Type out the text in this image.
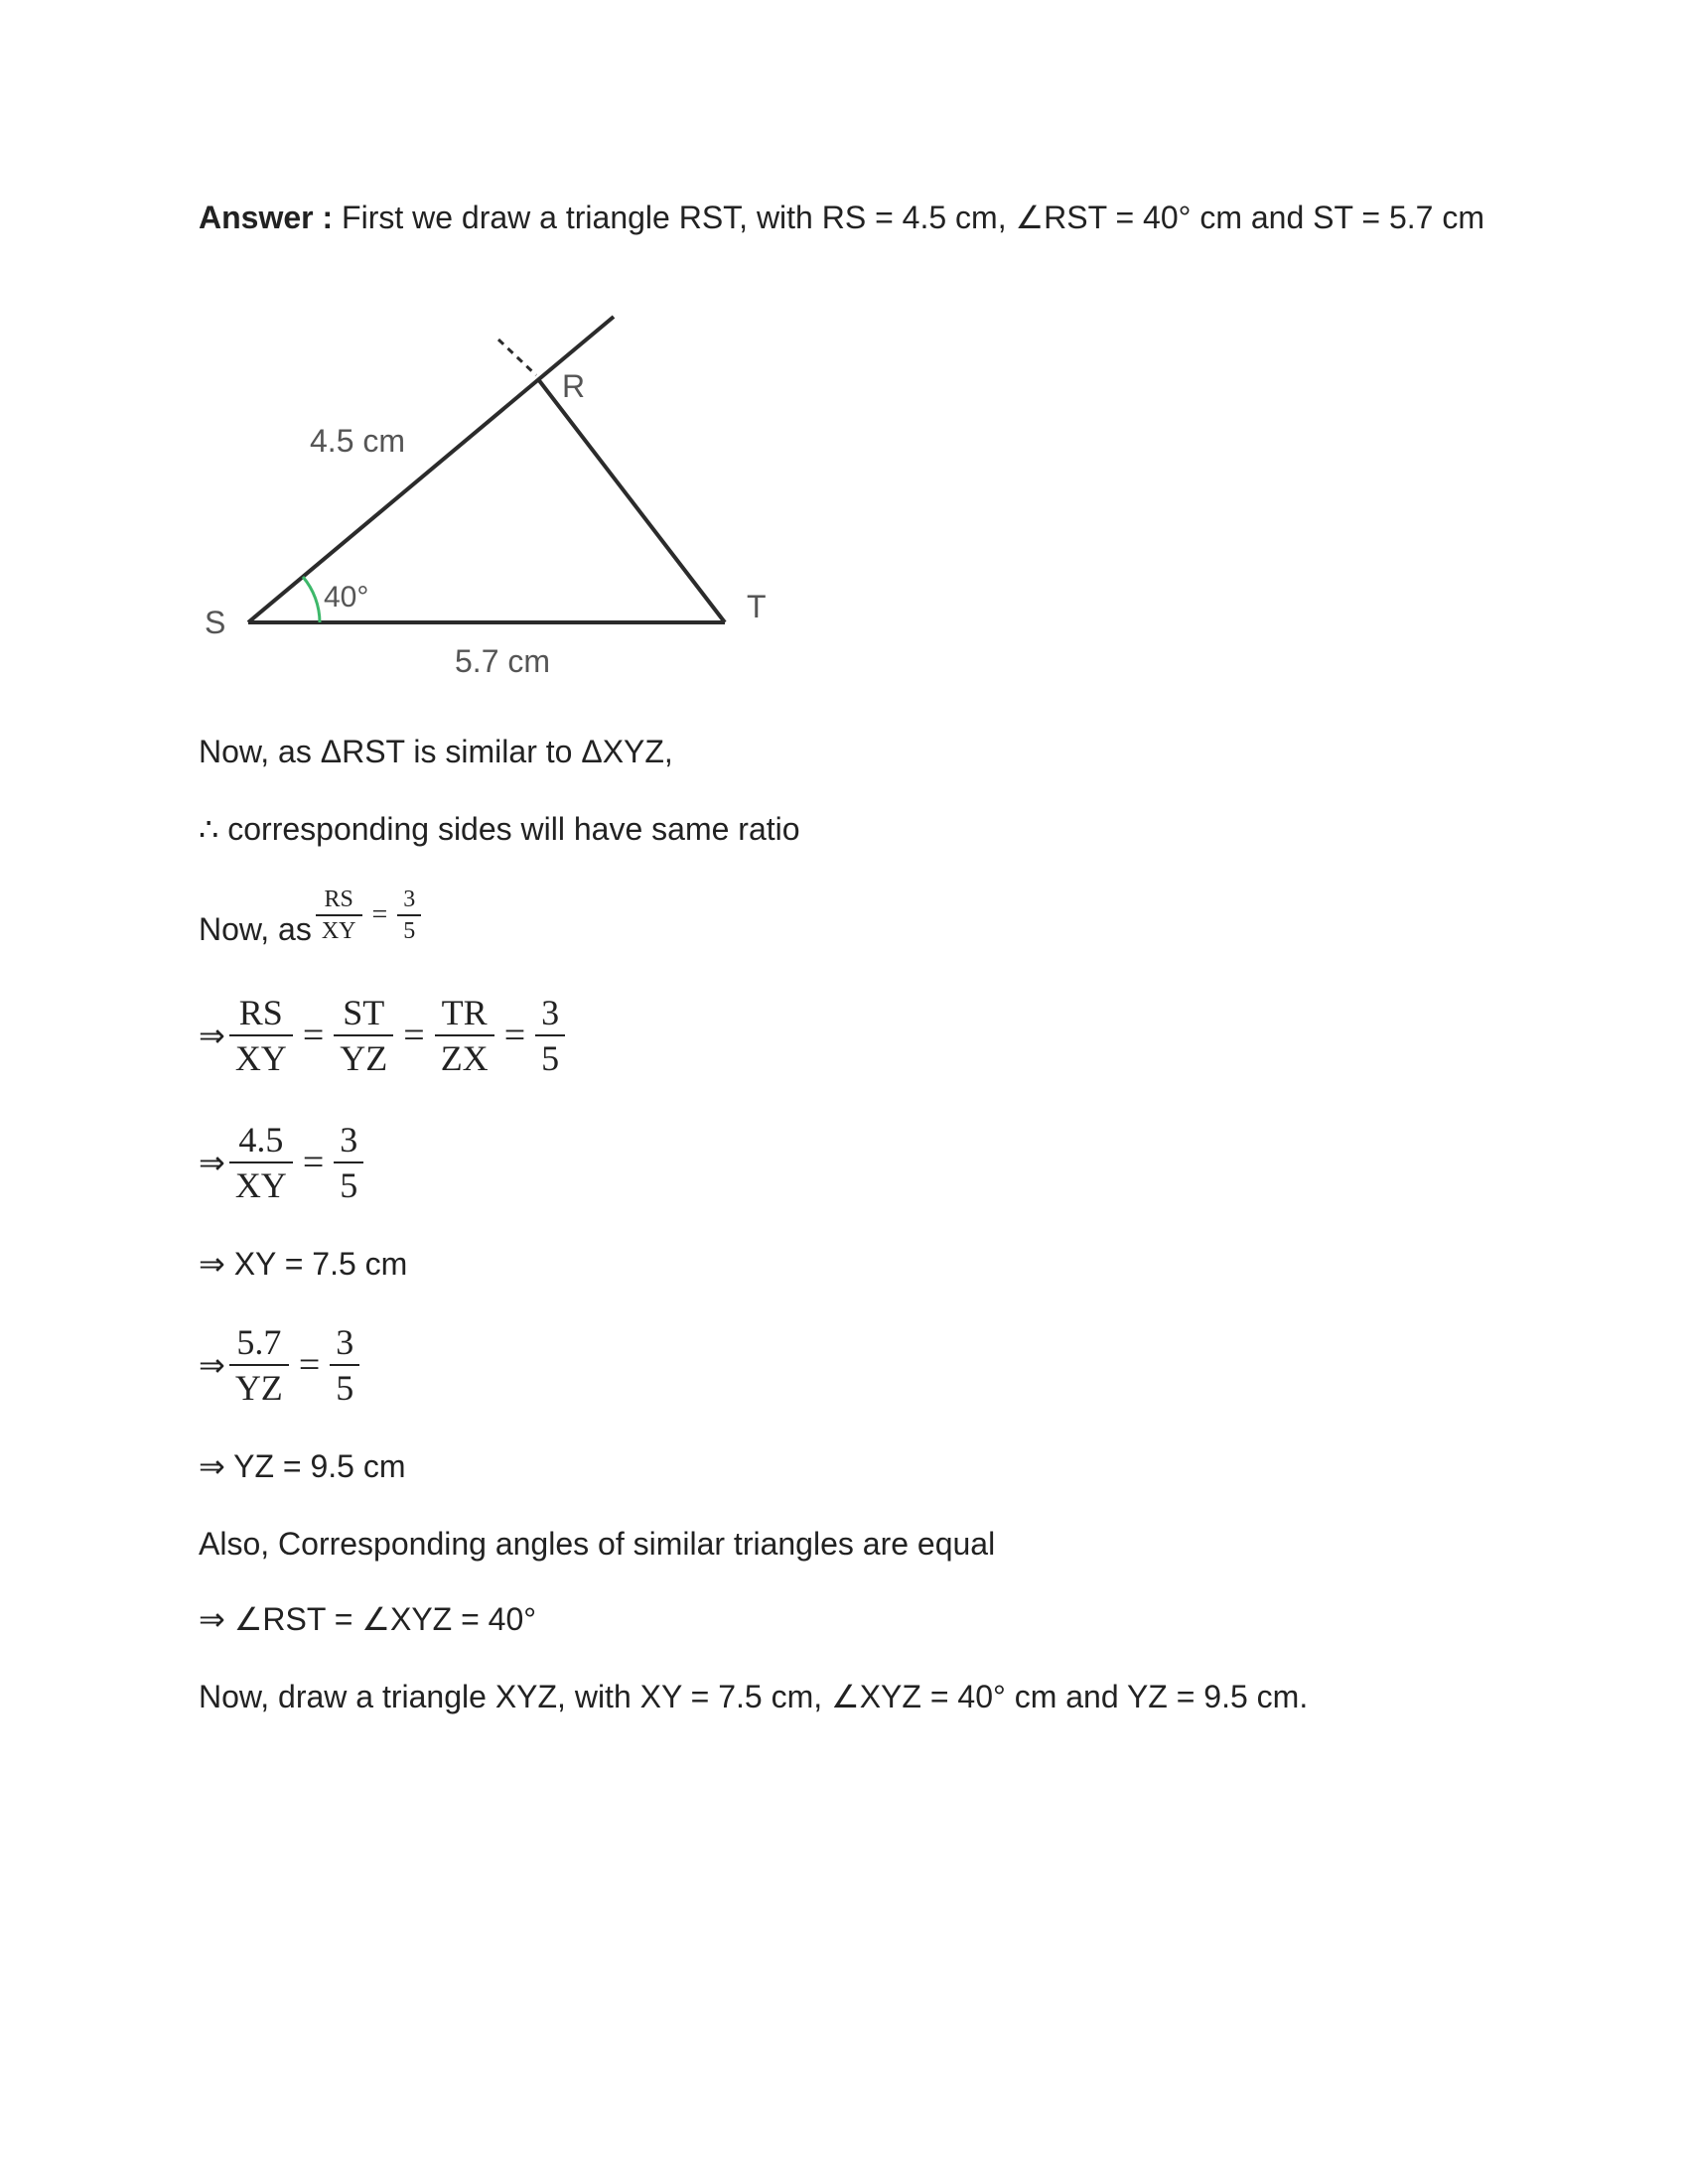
Answer : First we draw a triangle RST, with RS = 4.5 cm, ∠RST = 40° cm and ST = 5.7 cm
S
R
T
4.5 cm
5.7 cm
40°
Now, as ΔRST is similar to ΔXYZ,
∴ corresponding sides will have same ratio
Now, as $\frac{RS}{XY} = \frac{3}{5}$
⇒ $\frac{RS}{XY} = \frac{ST}{YZ} = \frac{TR}{ZX} = \frac{3}{5}$
⇒ $\frac{4.5}{XY} = \frac{3}{5}$
⇒ XY = 7.5 cm
⇒ $\frac{5.7}{YZ} = \frac{3}{5}$
⇒ YZ = 9.5 cm
Also, Corresponding angles of similar triangles are equal
⇒ ∠RST = ∠XYZ = 40°
Now, draw a triangle XYZ, with XY = 7.5 cm, ∠XYZ = 40° cm and YZ = 9.5 cm.
